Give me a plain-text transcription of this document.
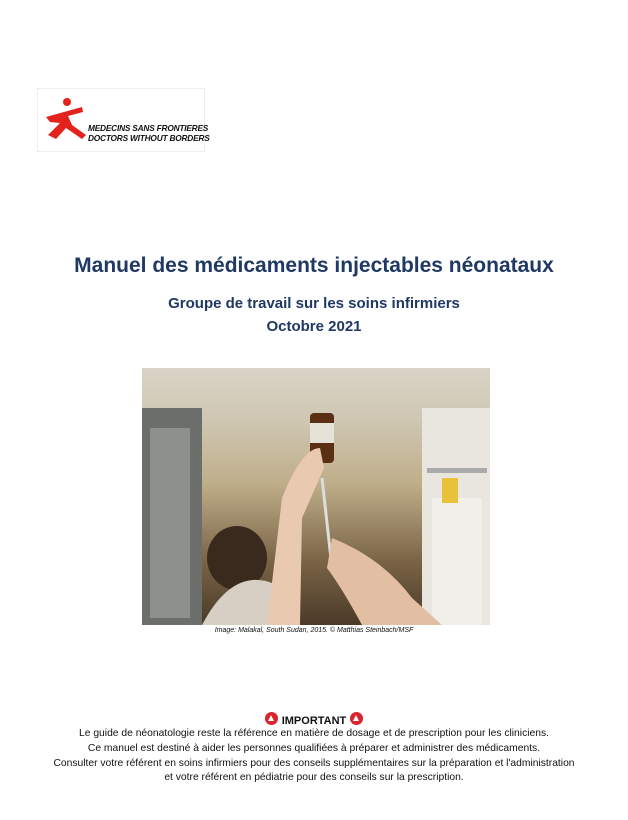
MEDECINS SANS FRONTIERES
DOCTORS WITHOUT BORDERS
Manuel des médicaments injectables néonataux
Groupe de travail sur les soins infirmiers
Octobre 2021
Image: Malakal, South Sudan, 2015. © Matthias Steinbach/MSF
IMPORTANT
Le guide de néonatologie reste la référence en matière de dosage et de prescription pour les cliniciens.
Ce manuel est destiné à aider les personnes qualifiées à préparer et administrer des médicaments.
Consulter votre référent en soins infirmiers pour des conseils supplémentaires sur la préparation et l'administration
et votre référent en pédiatrie pour des conseils sur la prescription.
